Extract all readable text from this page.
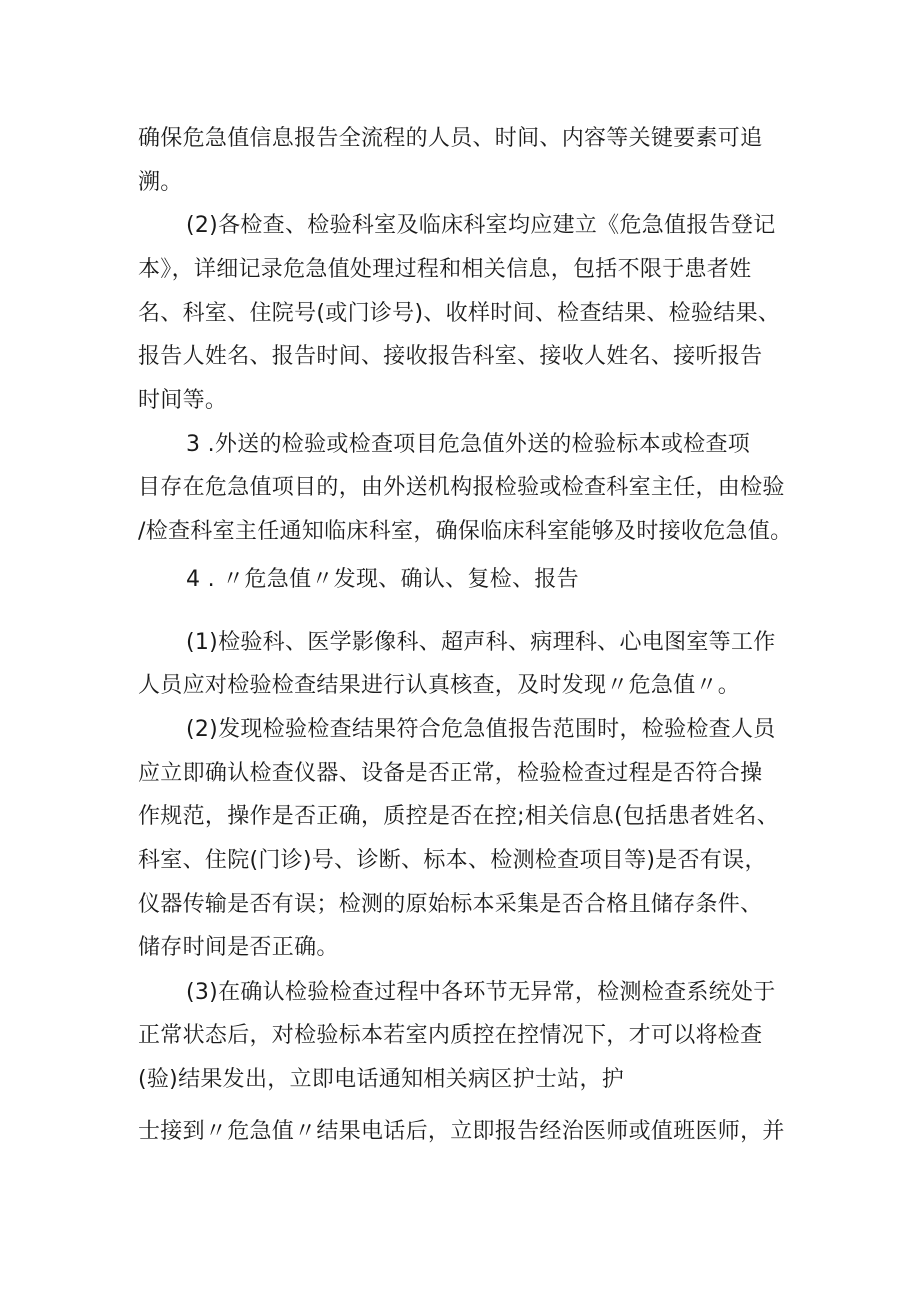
确保危急值信息报告全流程的人员、时间、内容等关键要素可追
溯。
(2)各检查、检验科室及临床科室均应建立《危急值报告登记
本》，详细记录危急值处理过程和相关信息，包括不限于患者姓
名、科室、住院号(或门诊号)、收样时间、检查结果、检验结果、
报告人姓名、报告时间、接收报告科室、接收人姓名、接听报告
时间等。
3 .外送的检验或检查项目危急值外送的检验标本或检查项
目存在危急值项目的，由外送机构报检验或检查科室主任，由检验
/检查科室主任通知临床科室，确保临床科室能够及时接收危急值。
4 . 〃危急值〃发现、确认、复检、报告
(1)检验科、医学影像科、超声科、病理科、心电图室等工作
人员应对检验检查结果进行认真核查，及时发现〃危急值〃。
(2)发现检验检查结果符合危急值报告范围时，检验检查人员
应立即确认检查仪器、设备是否正常，检验检查过程是否符合操
作规范，操作是否正确，质控是否在控;相关信息(包括患者姓名、
科室、住院(门诊)号、诊断、标本、检测检查项目等)是否有误，
仪器传输是否有误；检测的原始标本采集是否合格且储存条件、
储存时间是否正确。
(3)在确认检验检查过程中各环节无异常，检测检查系统处于
正常状态后，对检验标本若室内质控在控情况下，才可以将检查
(验)结果发出，立即电话通知相关病区护士站，护
士接到〃危急值〃结果电话后，立即报告经治医师或值班医师，并
